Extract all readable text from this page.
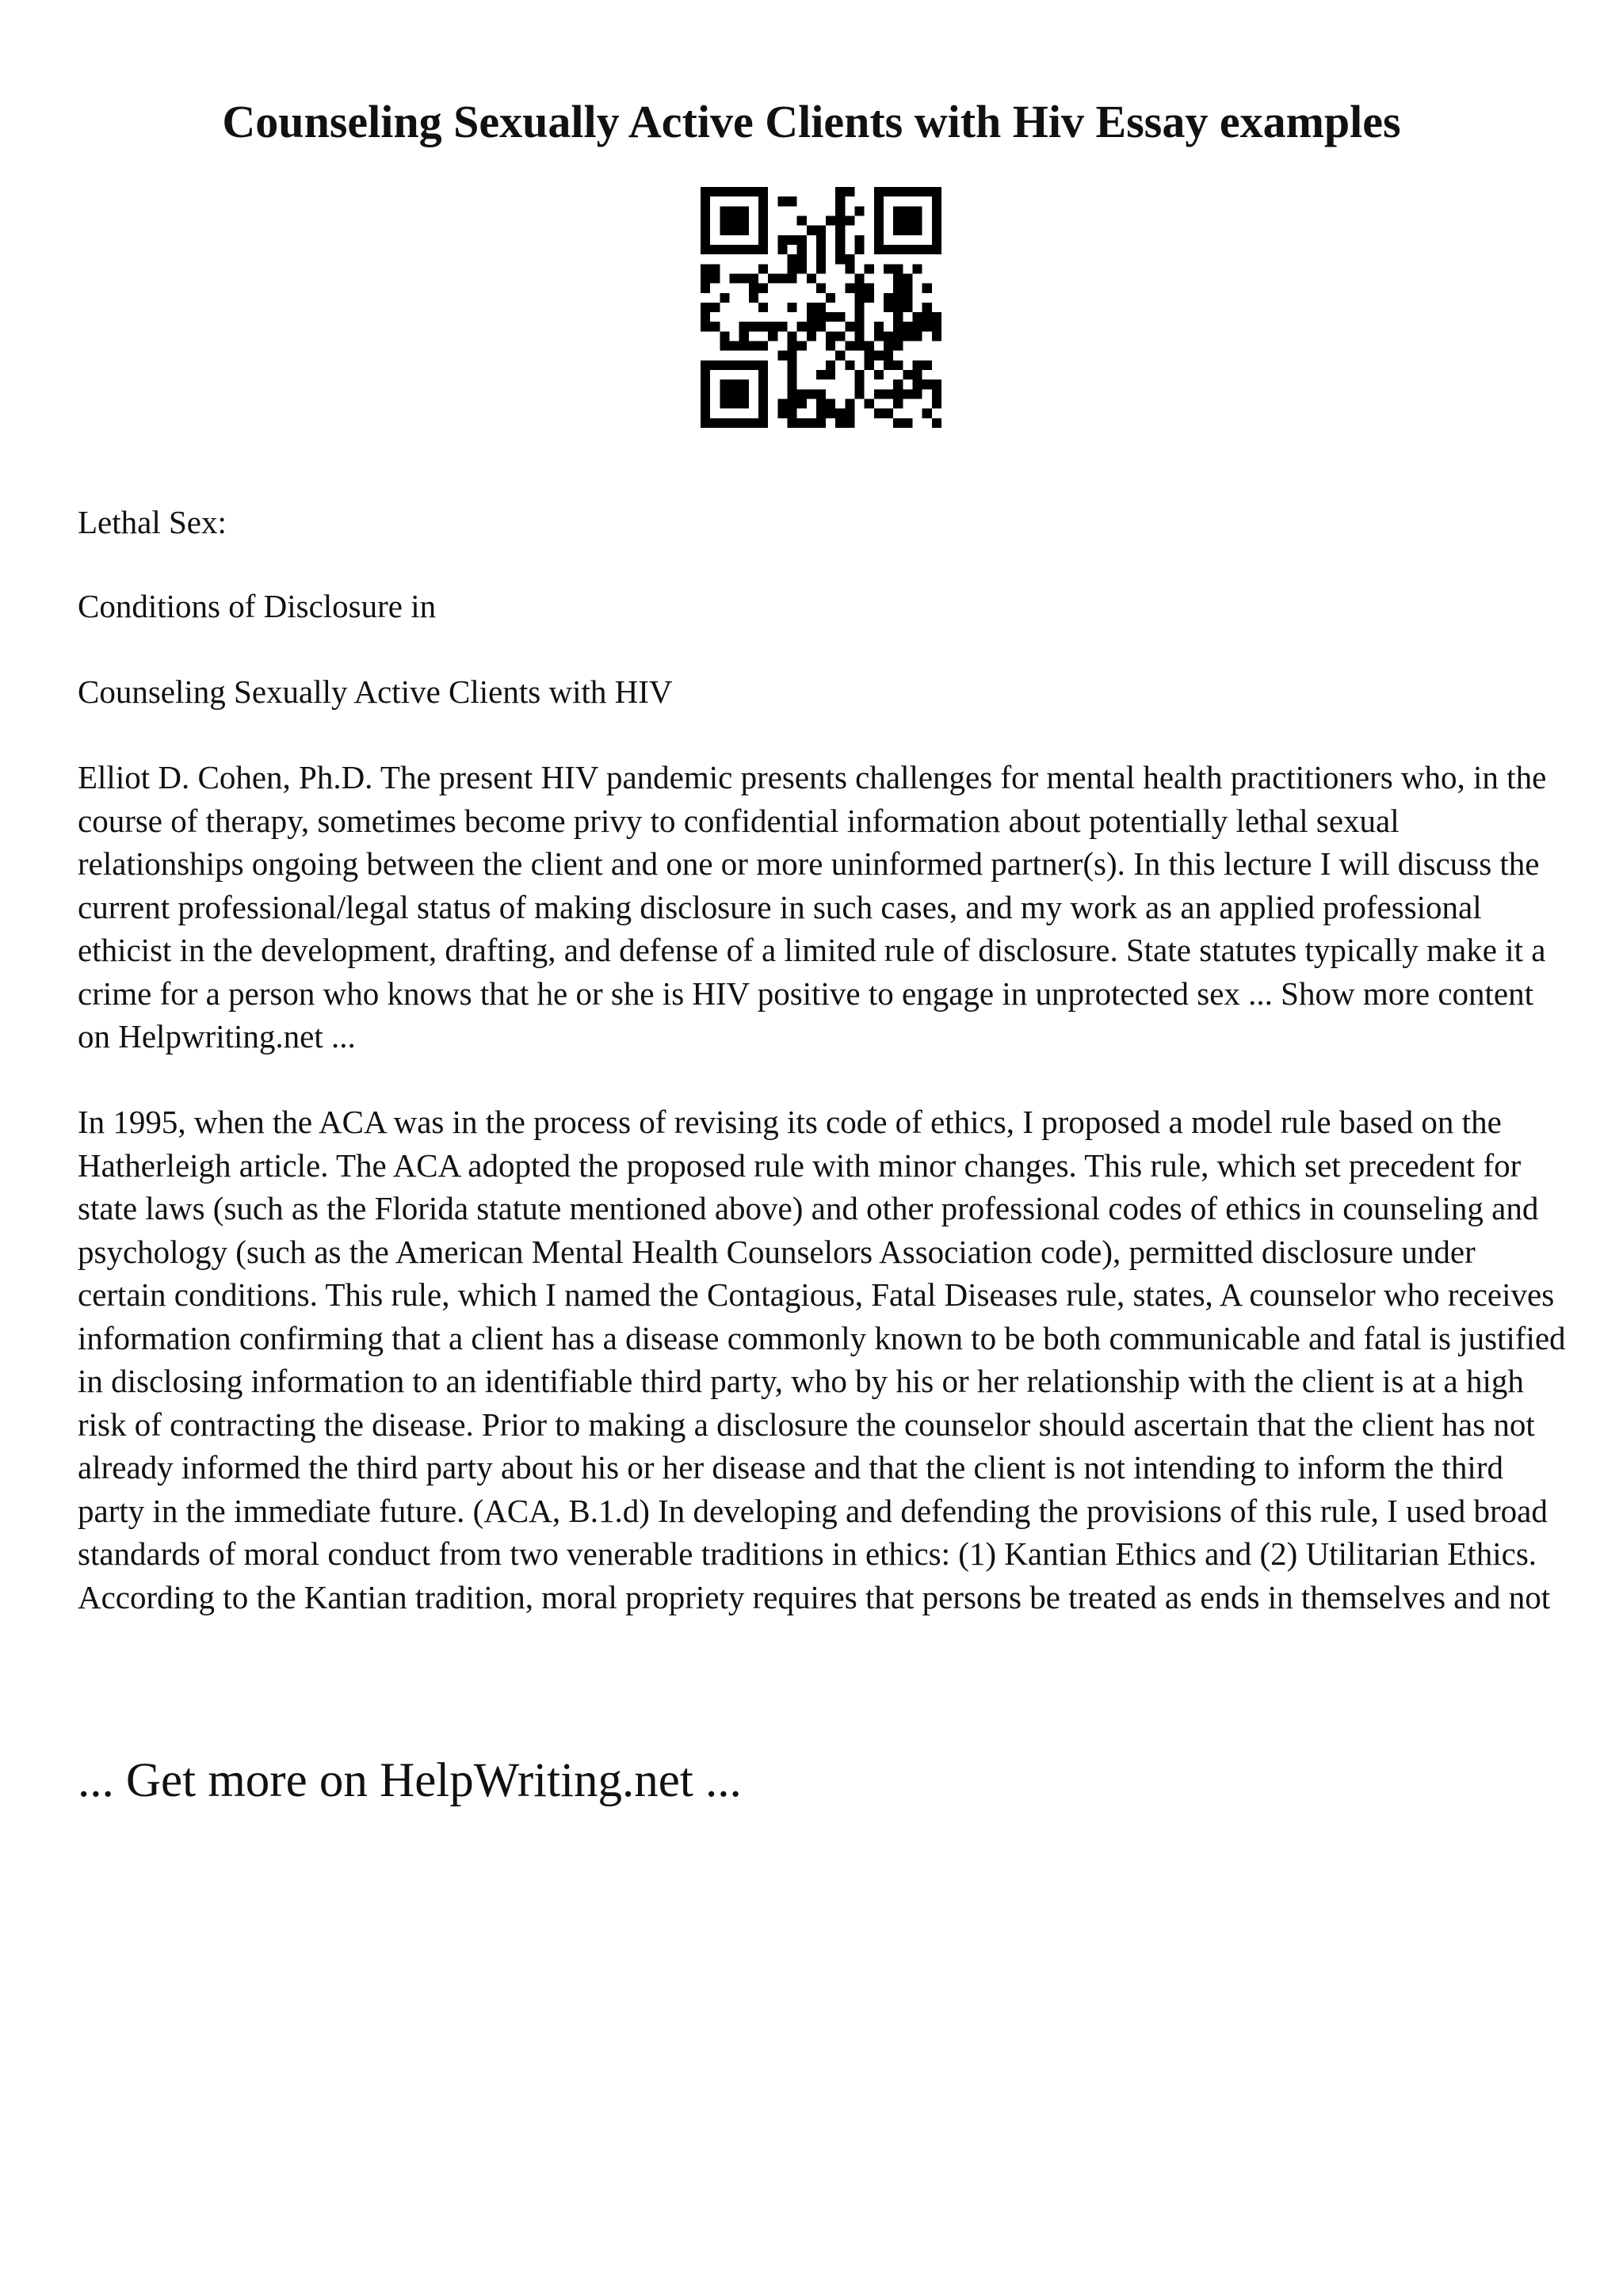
Counseling Sexually Active Clients with Hiv Essay examples

Lethal Sex:

Conditions of Disclosure in

Counseling Sexually Active Clients with HIV

Elliot D. Cohen, Ph.D. The present HIV pandemic presents challenges for mental health practitioners who, in the course of therapy, sometimes become privy to confidential information about potentially lethal sexual relationships ongoing between the client and one or more uninformed partner(s). In this lecture I will discuss the current professional/legal status of making disclosure in such cases, and my work as an applied professional ethicist in the development, drafting, and defense of a limited rule of disclosure. State statutes typically make it a crime for a person who knows that he or she is HIV positive to engage in unprotected sex ... Show more content on Helpwriting.net ...

In 1995, when the ACA was in the process of revising its code of ethics, I proposed a model rule based on the Hatherleigh article. The ACA adopted the proposed rule with minor changes. This rule, which set precedent for state laws (such as the Florida statute mentioned above) and other professional codes of ethics in counseling and psychology (such as the American Mental Health Counselors Association code), permitted disclosure under certain conditions. This rule, which I named the Contagious, Fatal Diseases rule, states, A counselor who receives information confirming that a client has a disease commonly known to be both communicable and fatal is justified in disclosing information to an identifiable third party, who by his or her relationship with the client is at a high risk of contracting the disease. Prior to making a disclosure the counselor should ascertain that the client has not already informed the third party about his or her disease and that the client is not intending to inform the third party in the immediate future. (ACA, B.1.d) In developing and defending the provisions of this rule, I used broad standards of moral conduct from two venerable traditions in ethics: (1) Kantian Ethics and (2) Utilitarian Ethics. According to the Kantian tradition, moral propriety requires that persons be treated as ends in themselves and not

... Get more on HelpWriting.net ...
